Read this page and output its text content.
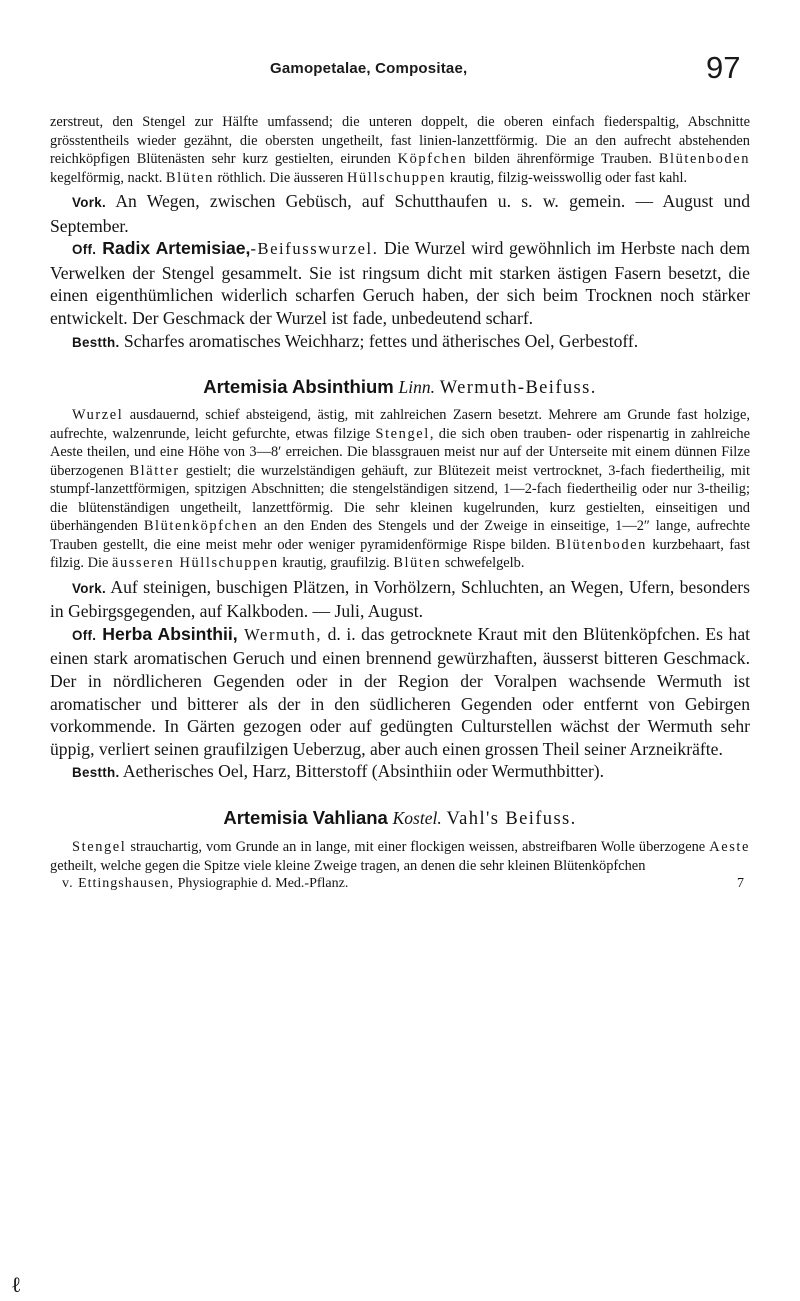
Gamopetalae, Compositae,	97

zerstreut, den Stengel zur Hälfte umfassend; die unteren doppelt, die oberen einfach fiederspaltig, Abschnitte grösstentheils wieder gezähnt, die obersten ungetheilt, fast linien-lanzettförmig. Die an den aufrecht abstehenden reichköpfigen Blütenästen sehr kurz gestielten, eirunden Köpfchen bilden ährenförmige Trauben. Blütenboden kegelförmig, nackt. Blüten röthlich. Die äusseren Hüllschuppen krautig, filzig-weisswollig oder fast kahl.

Vork. An Wegen, zwischen Gebüsch, auf Schutthaufen u. s. w. gemein. — August und September.

Off. Radix Artemisiae,-Beifusswurzel. Die Wurzel wird gewöhnlich im Herbste nach dem Verwelken der Stengel gesammelt. Sie ist ringsum dicht mit starken ästigen Fasern besetzt, die einen eigenthümlichen widerlich scharfen Geruch haben, der sich beim Trocknen noch stärker entwickelt. Der Geschmack der Wurzel ist fade, unbedeutend scharf.

Bestth. Scharfes aromatisches Weichharz; fettes und ätherisches Oel, Gerbestoff.

Artemisia Absinthium Linn. Wermuth-Beifuss.

Wurzel ausdauernd, schief absteigend, ästig, mit zahlreichen Zasern besetzt. Mehrere am Grunde fast holzige, aufrechte, walzenrunde, leicht gefurchte, etwas filzige Stengel, die sich oben trauben- oder rispenartig in zahlreiche Aeste theilen, und eine Höhe von 3—8′ erreichen. Die blassgrauen meist nur auf der Unterseite mit einem dünnen Filze überzogenen Blätter gestielt; die wurzelständigen gehäuft, zur Blütezeit meist vertrocknet, 3-fach fiedertheilig, mit stumpf-lanzettförmigen, spitzigen Abschnitten; die stengelständigen sitzend, 1—2-fach fiedertheilig oder nur 3-theilig; die blütenständigen ungetheilt, lanzettförmig. Die sehr kleinen kugelrunden, kurz gestielten, einseitigen und überhängenden Blütenköpfchen an den Enden des Stengels und der Zweige in einseitige, 1—2″ lange, aufrechte Trauben gestellt, die eine meist mehr oder weniger pyramidenförmige Rispe bilden. Blütenboden kurzbehaart, fast filzig. Die äusseren Hüllschuppen krautig, graufilzig. Blüten schwefelgelb.

Vork. Auf steinigen, buschigen Plätzen, in Vorhölzern, Schluchten, an Wegen, Ufern, besonders in Gebirgsgegenden, auf Kalkboden. — Juli, August.

Off. Herba Absinthii, Wermuth, d. i. das getrocknete Kraut mit den Blütenköpfchen. Es hat einen stark aromatischen Geruch und einen brennend gewürzhaften, äusserst bitteren Geschmack. Der in nördlicheren Gegenden oder in der Region der Voralpen wachsende Wermuth ist aromatischer und bitterer als der in den südlicheren Gegenden oder entfernt von Gebirgen vorkommende. In Gärten gezogen oder auf gedüngten Culturstellen wächst der Wermuth sehr üppig, verliert seinen graufilzigen Ueberzug, aber auch einen grossen Theil seiner Arzneikräfte.

Bestth. Aetherisches Oel, Harz, Bitterstoff (Absinthiin oder Wermuthbitter).

Artemisia Vahliana Kostel. Vahl's Beifuss.

Stengel strauchartig, vom Grunde an in lange, mit einer flockigen weissen, abstreifbaren Wolle überzogene Aeste getheilt, welche gegen die Spitze viele kleine Zweige tragen, an denen die sehr kleinen Blütenköpfchen

v. Ettingshausen, Physiographie d. Med.-Pflanz.	7
ℓ
